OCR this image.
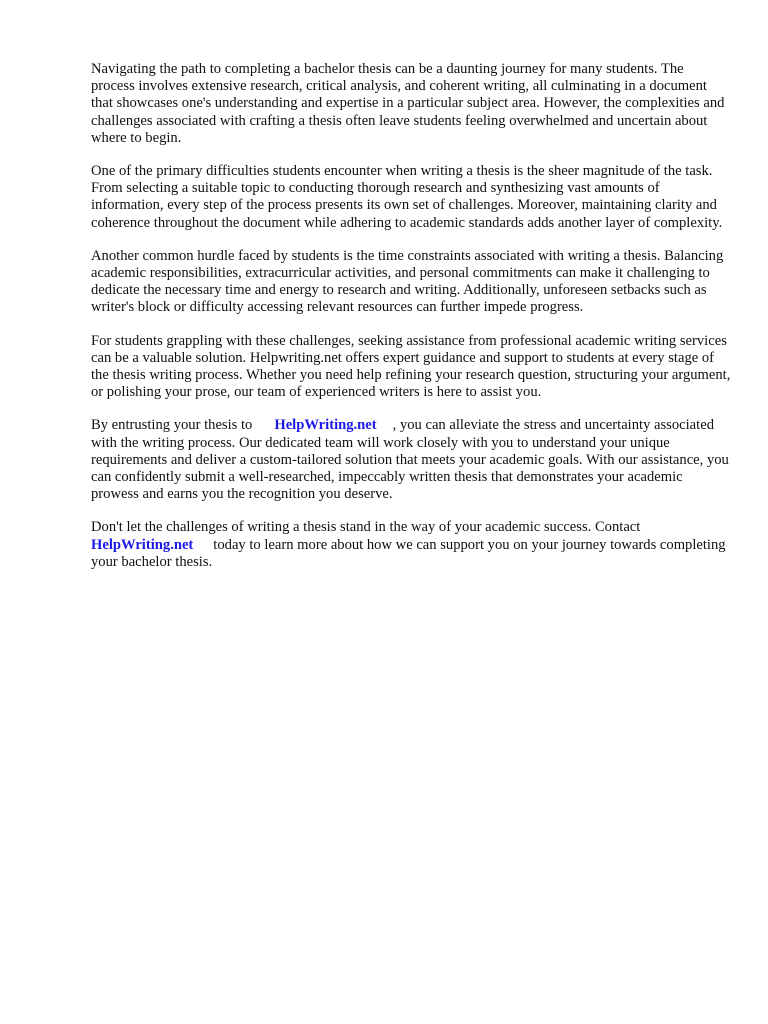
Navigating the path to completing a bachelor thesis can be a daunting journey for many students. The process involves extensive research, critical analysis, and coherent writing, all culminating in a document that showcases one's understanding and expertise in a particular subject area. However, the complexities and challenges associated with crafting a thesis often leave students feeling overwhelmed and uncertain about where to begin.

One of the primary difficulties students encounter when writing a thesis is the sheer magnitude of the task. From selecting a suitable topic to conducting thorough research and synthesizing vast amounts of information, every step of the process presents its own set of challenges. Moreover, maintaining clarity and coherence throughout the document while adhering to academic standards adds another layer of complexity.

Another common hurdle faced by students is the time constraints associated with writing a thesis. Balancing academic responsibilities, extracurricular activities, and personal commitments can make it challenging to dedicate the necessary time and energy to research and writing. Additionally, unforeseen setbacks such as writer's block or difficulty accessing relevant resources can further impede progress.

For students grappling with these challenges, seeking assistance from professional academic writing services can be a valuable solution. Helpwriting.net offers expert guidance and support to students at every stage of the thesis writing process. Whether you need help refining your research question, structuring your argument, or polishing your prose, our team of experienced writers is here to assist you.

By entrusting your thesis to HelpWriting.net , you can alleviate the stress and uncertainty associated with the writing process. Our dedicated team will work closely with you to understand your unique requirements and deliver a custom-tailored solution that meets your academic goals. With our assistance, you can confidently submit a well-researched, impeccably written thesis that demonstrates your academic prowess and earns you the recognition you deserve.

Don't let the challenges of writing a thesis stand in the way of your academic success. Contact HelpWriting.net today to learn more about how we can support you on your journey towards completing your bachelor thesis.
